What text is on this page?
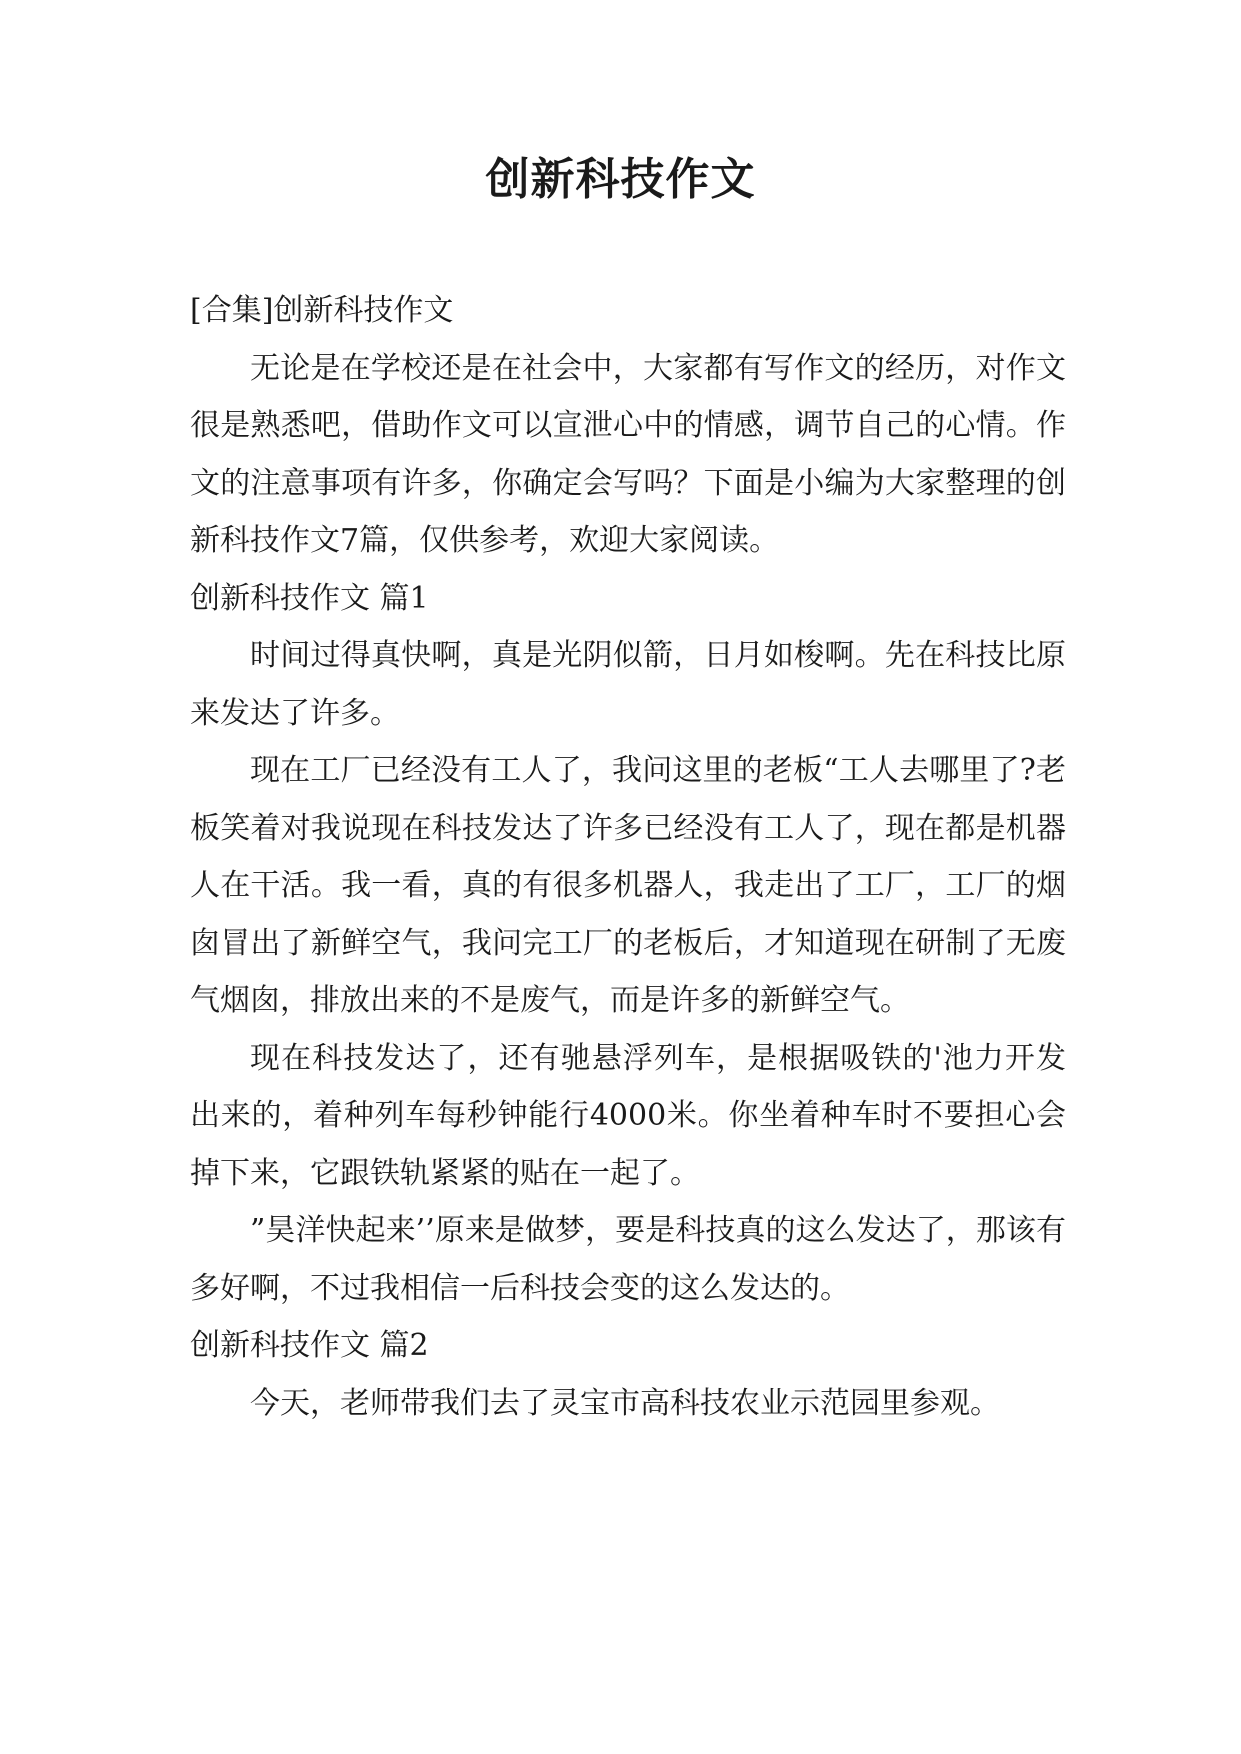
创新科技作文

[合集]创新科技作文

无论是在学校还是在社会中，大家都有写作文的经历，对作文很是熟悉吧，借助作文可以宣泄心中的情感，调节自己的心情。作文的注意事项有许多，你确定会写吗？下面是小编为大家整理的创新科技作文7篇，仅供参考，欢迎大家阅读。

创新科技作文 篇1

时间过得真快啊，真是光阴似箭，日月如梭啊。先在科技比原来发达了许多。

现在工厂已经没有工人了，我问这里的老板“工人去哪里了?老板笑着对我说现在科技发达了许多已经没有工人了，现在都是机器人在干活。我一看，真的有很多机器人，我走出了工厂，工厂的烟囱冒出了新鲜空气，我问完工厂的老板后，才知道现在研制了无废气烟囱，排放出来的不是废气，而是许多的新鲜空气。

现在科技发达了，还有驰悬浮列车，是根据吸铁的'池力开发出来的，着种列车每秒钟能行4000米。你坐着种车时不要担心会掉下来，它跟铁轨紧紧的贴在一起了。

”昊洋快起来’’原来是做梦，要是科技真的这么发达了，那该有多好啊，不过我相信一后科技会变的这么发达的。

创新科技作文 篇2

今天，老师带我们去了灵宝市高科技农业示范园里参观。
